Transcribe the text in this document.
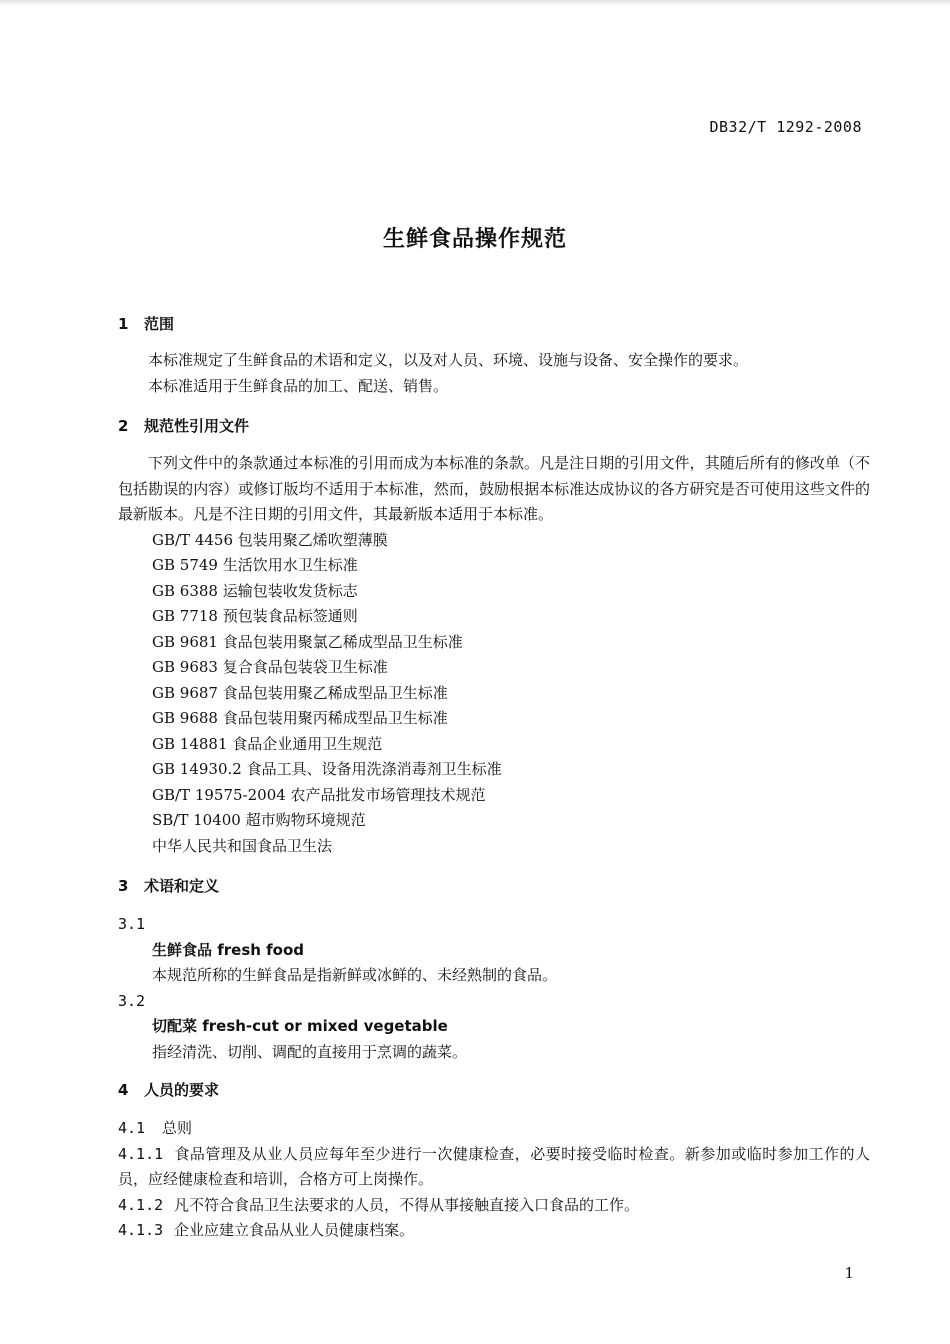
DB32/T 1292-2008
生鲜食品操作规范
1 范围
本标准规定了生鲜食品的术语和定义，以及对人员、环境、设施与设备、安全操作的要求。
本标准适用于生鲜食品的加工、配送、销售。
2 规范性引用文件
下列文件中的条款通过本标准的引用而成为本标准的条款。凡是注日期的引用文件，其随后所有的修改单（不包括勘误的内容）或修订版均不适用于本标准，然而，鼓励根据本标准达成协议的各方研究是否可使用这些文件的最新版本。凡是不注日期的引用文件，其最新版本适用于本标准。
GB/T 4456 包装用聚乙烯吹塑薄膜
GB 5749 生活饮用水卫生标准
GB 6388 运输包装收发货标志
GB 7718 预包装食品标签通则
GB 9681 食品包装用聚氯乙稀成型品卫生标准
GB 9683 复合食品包装袋卫生标准
GB 9687 食品包装用聚乙稀成型品卫生标准
GB 9688 食品包装用聚丙稀成型品卫生标准
GB 14881 食品企业通用卫生规范
GB 14930.2 食品工具、设备用洗涤消毒剂卫生标准
GB/T 19575-2004 农产品批发市场管理技术规范
SB/T 10400 超市购物环境规范
中华人民共和国食品卫生法
3 术语和定义
3.1
生鲜食品 fresh food
本规范所称的生鲜食品是指新鲜或冰鲜的、未经熟制的食品。
3.2
切配菜 fresh-cut or mixed vegetable
指经清洗、切削、调配的直接用于烹调的蔬菜。
4 人员的要求
4.1 总则
4.1.1 食品管理及从业人员应每年至少进行一次健康检查，必要时接受临时检查。新参加或临时参加工作的人员，应经健康检查和培训，合格方可上岗操作。
4.1.2 凡不符合食品卫生法要求的人员，不得从事接触直接入口食品的工作。
4.1.3 企业应建立食品从业人员健康档案。
1
